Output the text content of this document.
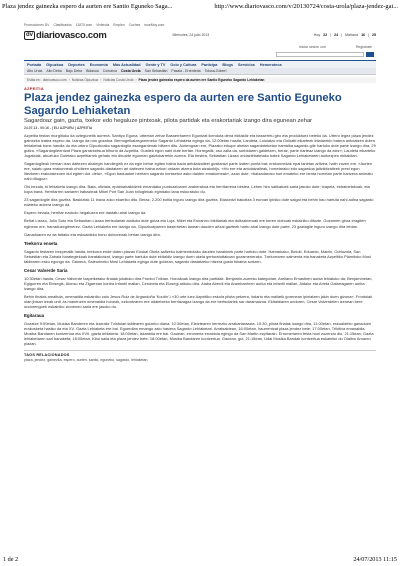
Plaza jendez gainezka espero da aurten ere Santio Eguneko Saga...	http://www.diariovasco.com/v/20130724/costa-urola/plaza-jendez-gai...
Promociones DV Clasificados 11870.com Vivienda Empleo Coches mueMoy.com
dv diariovasco.com	Miércoles, 24 julio 2013	Hoy 22 | 24 | Mañana 16 | 25
Iniciar sesión con	Regístrate
Portada Gipuzkoa Deportes Economía Más Actualidad Gente y TV Ocio y Cultura Participa Blogs Servicios Hemeroteca
Alto Urola Alto Deba Bajo Deba Bidasoa Comarca Costa Urola San Sebastián Pasaia - Errenteria Tolosa-Goierri
Estás en: diariovasco.com › Noticias Gipuzkoa › Noticias Costa Urola › Plaza jendez gainezka espero da aurten ere Santio Eguneko Sagardo Lehiaketan
AZPEITIA
Plaza jendez gainezka espero da aurten ere Santio Eguneko Sagardo Lehiaketan
Sagardoaz gain, gazta, txekor edo hegaluze pintxoak, pilota partidak eta erakortariak izango dira egunean zehar
24.07.13 - 00:16 - | ELI AZPURU | AZPEITIA

Azpeitia festan murgiltuko da oztegunetik aurrera. Santiyo Eguna, urteetan zehar Basserritarren Eguntzat ikenduta dena ekitaldiz eta basserritu giro eta produktuez beteko da. Urtero legez plaza jendez gainezka izatea espero da. Izango da non gozatua. Bernogelkalzegarreneko Sagardo Lehiaketa egingo da, 12:00etan hasita, Landeta, Loiolatzo eta Goikatti elkarteek lidatarekin batera antolatzen duten lehiaketak bone handia du eta urtero Gipuzkoako sagardogile esangarrienak biltzen ditu. Aurtengoan ere, Plazako erkupe ahetan sagardoteketan hamaika sagardo-gile hartuko dute parte izango dira, 29 gutira. «Sagardogileentzat Plaza garrantzitsua bihurtu da Azpeitia. Gustiek egon nahi dute bertan. Horregatik, oso zaila da, sorbidaren galdetzen, beraz, parte harteaz izango da alez»; Laudeta elkarteko Jugatxiak, abuztuko Goietako azpeitiarrek gehatu eta diruarte egunean gaiztokarrekin aurrea. Eta bestea, Sebastian Lizaso ondaziebatetako batek Sagardo Lehiaketaren aurkezpen ekitaldian.

Sagardogileak herrian izan daitezen ahalegin handiegirik ez da egin behar egiten baina bada antolatzaileei gustiarazi parte izaten punta bat; erakunnekak epai lanetan aritzea, halin zuzen ere. «Aurten ere, saiatu gara erakunneak ohoitzen sagardo-dastatzen ari daitezen baina ezkon ordaan atzera bota aizakobiju. «Ho ere eta antolatzaileak, horretarako edo sagardoa jaitzikitzaileek prest egon litezkeen erakutsiezoen dut egiten dut -dela». «Egon baduadue herriam sagardo kontsetuz asko daiden emakumeak», azan dute, «batzadaroko hori emateko ere benta horretan parte hartzera animatu nahi dituguz».

Ohi bezala, bi lehiaketa izango dira. Bata, ofiziala, epaimahaikideek emandako puntuazioaren araberakoa eta herritarrena bestea. Lehen hiru sailkatuek saria jasoko dute; txapela, estrainetakoak, eta kopa bana. Herritarren sariaren irabazleak Mikel Pori San Juan txiloglekak egindako lana eskuratuko du.

23 sagardogile dira guztira. Baskiztak 11 txaxa zuko ekarriko ditu. Beraz, 2.200 botila inguru izango dira guztira. Edalontzi bakoitza 3 euroan ipiniko dute salgai eta behin hau hartuta nahi adina sagardo edateko aukera izango da.

Espero bezala, herritar ezokulo hegaluzea ere dastatu ahal izango da.

Beñat Lizaso, Julio Soto eta Sebastian Lizaso bertsolariak alaituko dute goiza eta Luja, Mikel eta Esnanrro trikitiariak eta dultzaineroak ere beren doinuak eskainiko dituzte. Gozamen giroa eragiten eginean ere, harraduzegienerez, Gazta Lehiaketa ere izango da, Gipuzkoaparren baserrietan lanean dauden artzai gazteek hartu ahal izango dute parte. 23 gaztagile inguru izango dira lehian.

Ganaduaren ez da faltako eta eskualdeko bonu doinorenak berlan izango dira.

Teekorra enseta

Sagardo festaren bezperatik hasita, teekorra ende duten plazan Euskal Okela saltzeko baimendutako dauden harakinek parte hartuko dute. Hamarkako, Beloki, Eduardo, Maixin, Odriozola, San Sebastián eta Zabala harategiekoak baratakotzat, izango parte hartuko dute ekitaldiz izango duen okela gerturatuttakoan gozamenerako. Txekorraren salmenta eta banaketa Azpeitiko Plamitoko Mosi taldearen esku egongo da. Gainera, Saieurineko Mosi Lehiaketa egingo dute goizean, sagardo dastatzeko hitzera gusto bikaina sortzen.

Cesar Valverde Saria

10:30etan hasita, Cesar Valverde txapelketako finalak jokatuko dira Frontoi Txikian. Honakoak izango dira partidak. Benjamin-aurreko kategorian, Arellano Ernastiren aurka lehiatuko da; Benjamínetan, Egigurren eta Elosegik, Alonso eta Zigarrean kontra Infantil mailan, Cerubeta eta Elosegi arituko dira. Alaba Aberdi eta Arambarrinen aurka eta infantil mailan, Aldalur eta Arieta Galarragaren aurka izango dira.

Behin finalak amaituta, omenaldia eskainiko zaio Jesus Ruiz de Argandoña 'Koutin'-i «30 urte luez Azpeitiko eskola pilota petzera, indartu eta mailarik gorenean ipiniatzen jakin duen gizona». Frontoiak olan jbisan izeak urdi -ta manenzen omenaldia honeak, ezkontzaren ere udaletxeko berriazagaz izango da ere bertsolariek sar daramaizua. Ekitaldiaren ondoren, Cesar Valverdeien izenean bere ondorengoek eskainiko zioneneo saria ere jasoko du.

Egitaraua

Gozatze 9:00etan, Musika Banderen eta Izarraitz Txistulari taldearen goizeko diana. 10:30etan, Eleiztearen herrezko arrakariaraazia. 10:30, pilota finalak izango dira, 11:00etan, eskualdeko ganaduen erakusketa hasiko da eta XV. Gazta Lehiaketa ere bai. Eguerdian emango zaio hasiera Sagardo Lehiaketari. Arratsaldean, 16:00etan, haurrentzat plaza jendez bete; 17:00etan, Trikitixa emanaldia. Musika Bandaren kontzertua eta XVII. gazta lehiaketa. 18:00etan, iskanbila ere bai. Gauean, erromeria erraldoia egingo da San Martin ezpitarain. Erromeriaren festa honi zuzendu dio, 21:15ean, Gazta lehiaketaren sari banaketa; 18:00etan, Kirol saila eta plaza jendez bete. 18:00etan, Musika Bandaren kontzertua. Gauean, gui, 21:15ean, Udal Musika Bandak kontzertua eskainiko du Olaitxo Amaren plazan.

TAGS RELACIONADOS
plaza, jendez, gainezka, espero, aurten, santio, eguneko, sagardo, lehiaketan
1 de 2	24/07/2013 11:15
